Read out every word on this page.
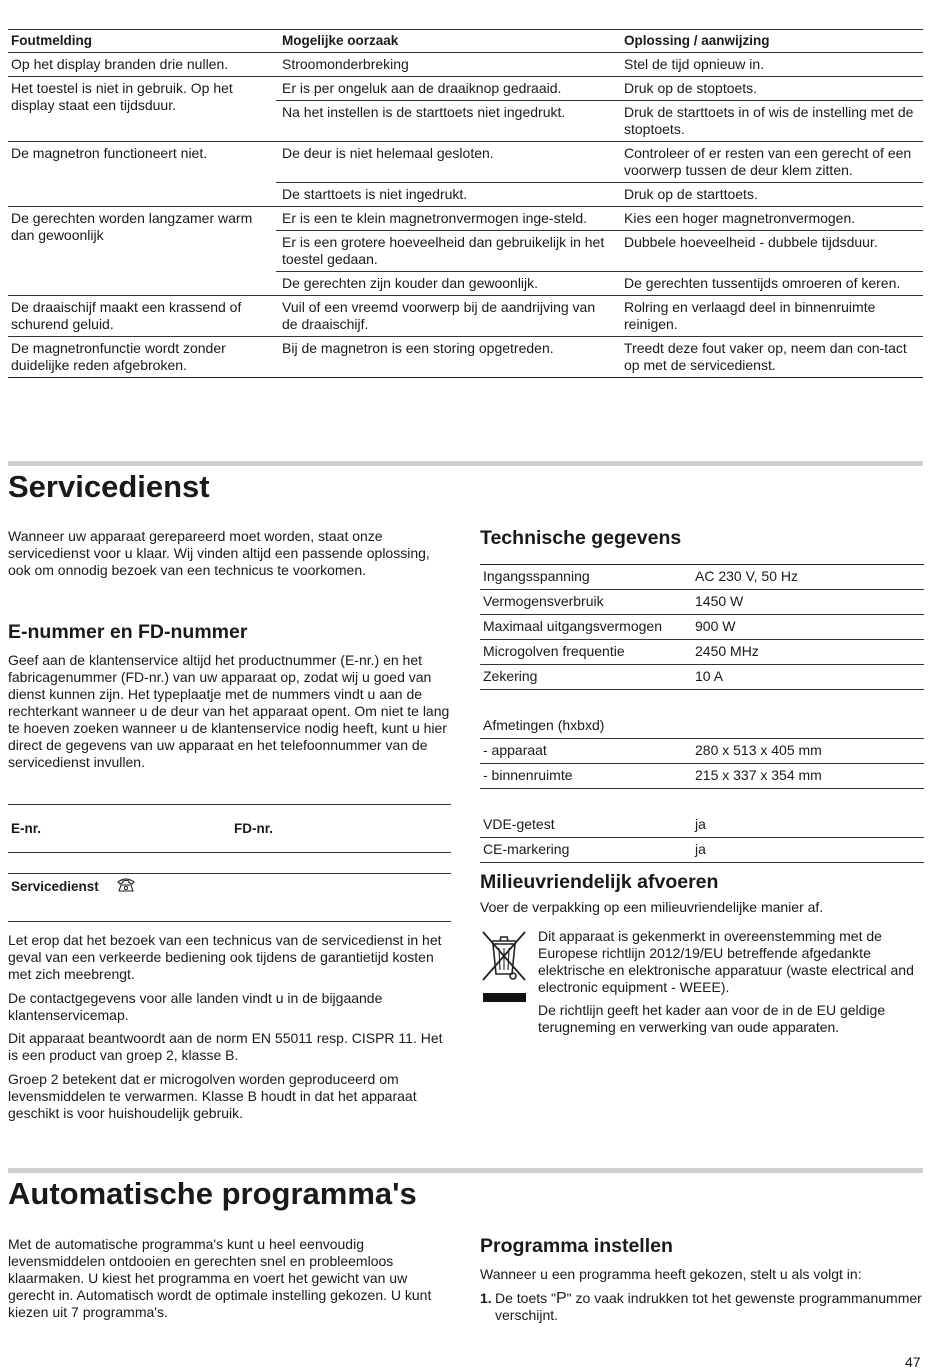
Foutmelding	Mogelijke oorzaak	Oplossing / aanwijzing
Op het display branden drie nullen.	Stroomonderbreking	Stel de tijd opnieuw in.
Het toestel is niet in gebruik. Op het display staat een tijdsduur.	Er is per ongeluk aan de draaiknop gedraaid.	Druk op de stoptoets.
	Na het instellen is de starttoets niet ingedrukt.	Druk de starttoets in of wis de instelling met de stoptoets.
De magnetron functioneert niet.	De deur is niet helemaal gesloten.	Controleer of er resten van een gerecht of een voorwerp tussen de deur klem zitten.
	De starttoets is niet ingedrukt.	Druk op de starttoets.
De gerechten worden langzamer warm dan gewoonlijk	Er is een te klein magnetronvermogen inge-steld.	Kies een hoger magnetronvermogen.
	Er is een grotere hoeveelheid dan gebruikelijk in het toestel gedaan.	Dubbele hoeveelheid - dubbele tijdsduur.
	De gerechten zijn kouder dan gewoonlijk.	De gerechten tussentijds omroeren of keren.
De draaischijf maakt een krassend of schurend geluid.	Vuil of een vreemd voorwerp bij de aandrijving van de draaischijf.	Rolring en verlaagd deel in binnenruimte reinigen.
De magnetronfunctie wordt zonder duidelijke reden afgebroken.	Bij de magnetron is een storing opgetreden.	Treedt deze fout vaker op, neem dan con-tact op met de servicedienst.
Servicedienst

Wanneer uw apparaat gerepareerd moet worden, staat onze servicedienst voor u klaar. Wij vinden altijd een passende oplossing, ook om onnodig bezoek van een technicus te voorkomen.

E-nummer en FD-nummer

Geef aan de klantenservice altijd het productnummer (E-nr.) en het fabricagenummer (FD-nr.) van uw apparaat op, zodat wij u goed van dienst kunnen zijn. Het typeplaatje met de nummers vindt u aan de rechterkant wanneer u de deur van het apparaat opent. Om niet te lang te hoeven zoeken wanneer u de klantenservice nodig heeft, kunt u hier direct de gegevens van uw apparaat en het telefoonnummer van de servicedienst invullen.

E-nr.	FD-nr.
Servicedienst

Let erop dat het bezoek van een technicus van de servicedienst in het geval van een verkeerde bediening ook tijdens de garantietijd kosten met zich meebrengt.

De contactgegevens voor alle landen vindt u in de bijgaande klantenservicemap.

Dit apparaat beantwoordt aan de norm EN 55011 resp. CISPR 11. Het is een product van groep 2, klasse B.

Groep 2 betekent dat er microgolven worden geproduceerd om levensmiddelen te verwarmen. Klasse B houdt in dat het apparaat geschikt is voor huishoudelijk gebruik.

Technische gegevens
Ingangsspanning	AC 230 V, 50 Hz
Vermogensverbruik	1450 W
Maximaal uitgangsvermogen	900 W
Microgolven frequentie	2450 MHz
Zekering	10 A

Afmetingen (hxbxd)	
- apparaat	280 x 513 x 405 mm
- binnenruimte	215 x 337 x 354 mm

VDE-getest	ja
CE-markering	ja
Milieuvriendelijk afvoeren

Voer de verpakking op een milieuvriendelijke manier af.

Dit apparaat is gekenmerkt in overeenstemming met de Europese richtlijn 2012/19/EU betreffende afgedankte elektrische en elektronische apparatuur (waste electrical and electronic equipment - WEEE).

De richtlijn geeft het kader aan voor de in de EU geldige terugneming en verwerking van oude apparaten.

Automatische programma's

Met de automatische programma's kunt u heel eenvoudig levensmiddelen ontdooien en gerechten snel en probleemloos klaarmaken. U kiest het programma en voert het gewicht van uw gerecht in. Automatisch wordt de optimale instelling gekozen. U kunt kiezen uit 7 programma's.

Programma instellen

Wanneer u een programma heeft gekozen, stelt u als volgt in:

1. De toets "P" zo vaak indrukken tot het gewenste programmanummer verschijnt.

47
